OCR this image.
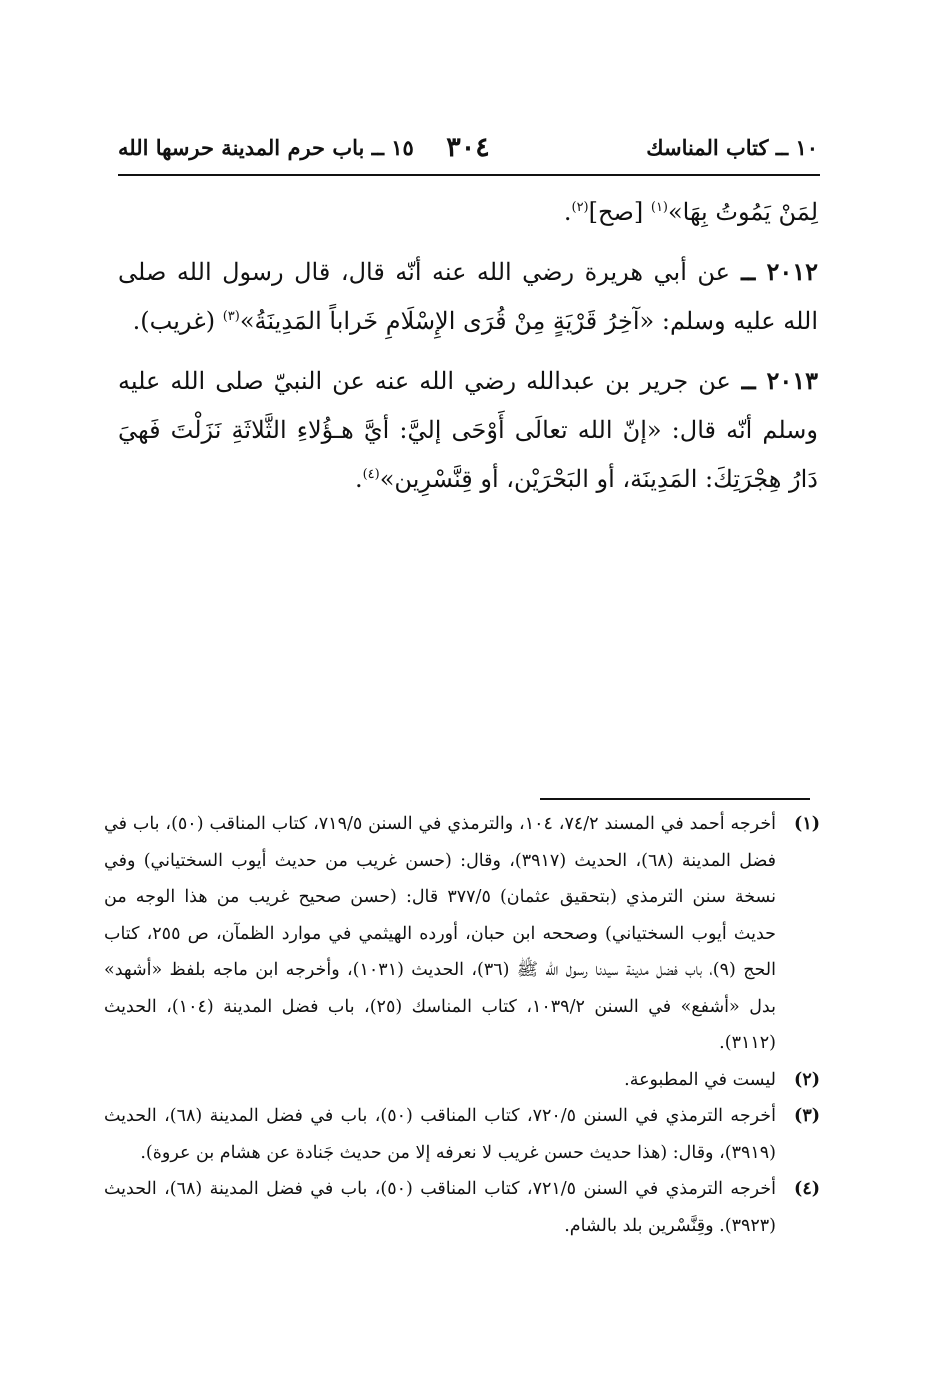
١٠ ــ كتاب المناسك
٣٠٤
١٥ ــ باب حرم المدينة حرسها الله

لِمَنْ يَمُوتُ بِهَا»$^{(١)}$ [صح]$^{(٢)}$.

٢٠١٢ ــ عن أبي هريرة رضي الله عنه أنّه قال، قال رسول الله صلى الله عليه وسلم: «آخِرُ قَرْيَةٍ مِنْ قُرَى الإِسْلَامِ خَراباً المَدِينَةُ»$^{(٣)}$ (غريب).

٢٠١٣ ــ عن جرير بن عبدالله رضي الله عنه عن النبيّ صلى الله عليه وسلم أنّه قال: «إنّ الله تعالَى أَوْحَى إليَّ: أيَّ هـؤُلاءِ الثَّلاثَةِ نَزَلْتَ فَهيَ دَارُ هِجْرَتِكَ: المَدِينَة، أو البَحْرَيْن، أو قِنَّسْرِين»$^{(٤)}$.

(١)
أخرجه أحمد في المسند ٧٤/٢، ١٠٤، والترمذي في السنن ٧١٩/٥، كتاب المناقب (٥٠)، باب في فضل المدينة (٦٨)، الحديث (٣٩١٧)، وقال: (حسن غريب من حديث أيوب السختياني) وفي نسخة سنن الترمذي (بتحقيق عثمان) ٣٧٧/٥ قال: (حسن صحيح غريب من هذا الوجه من حديث أيوب السختياني) وصححه ابن حبان، أورده الهيثمي في موارد الظمآن، ص ٢٥٥، كتاب الحج (٩)، باب فضل مدينة سيدنا رسول الله ﷺ (٣٦)، الحديث (١٠٣١)، وأخرجه ابن ماجه بلفظ «أشهد» بدل «أشفع» في السنن ١٠٣٩/٢، كتاب المناسك (٢٥)، باب فضل المدينة (١٠٤)، الحديث (٣١١٢).
(٢)
ليست في المطبوعة.
(٣)
أخرجه الترمذي في السنن ٧٢٠/٥، كتاب المناقب (٥٠)، باب في فضل المدينة (٦٨)، الحديث (٣٩١٩)، وقال: (هذا حديث حسن غريب لا نعرفه إلا من حديث جَنادة عن هشام بن عروة).
(٤)
أخرجه الترمذي في السنن ٧٢١/٥، كتاب المناقب (٥٠)، باب في فضل المدينة (٦٨)، الحديث (٣٩٢٣). وقِنَّسْرين بلد بالشام.
